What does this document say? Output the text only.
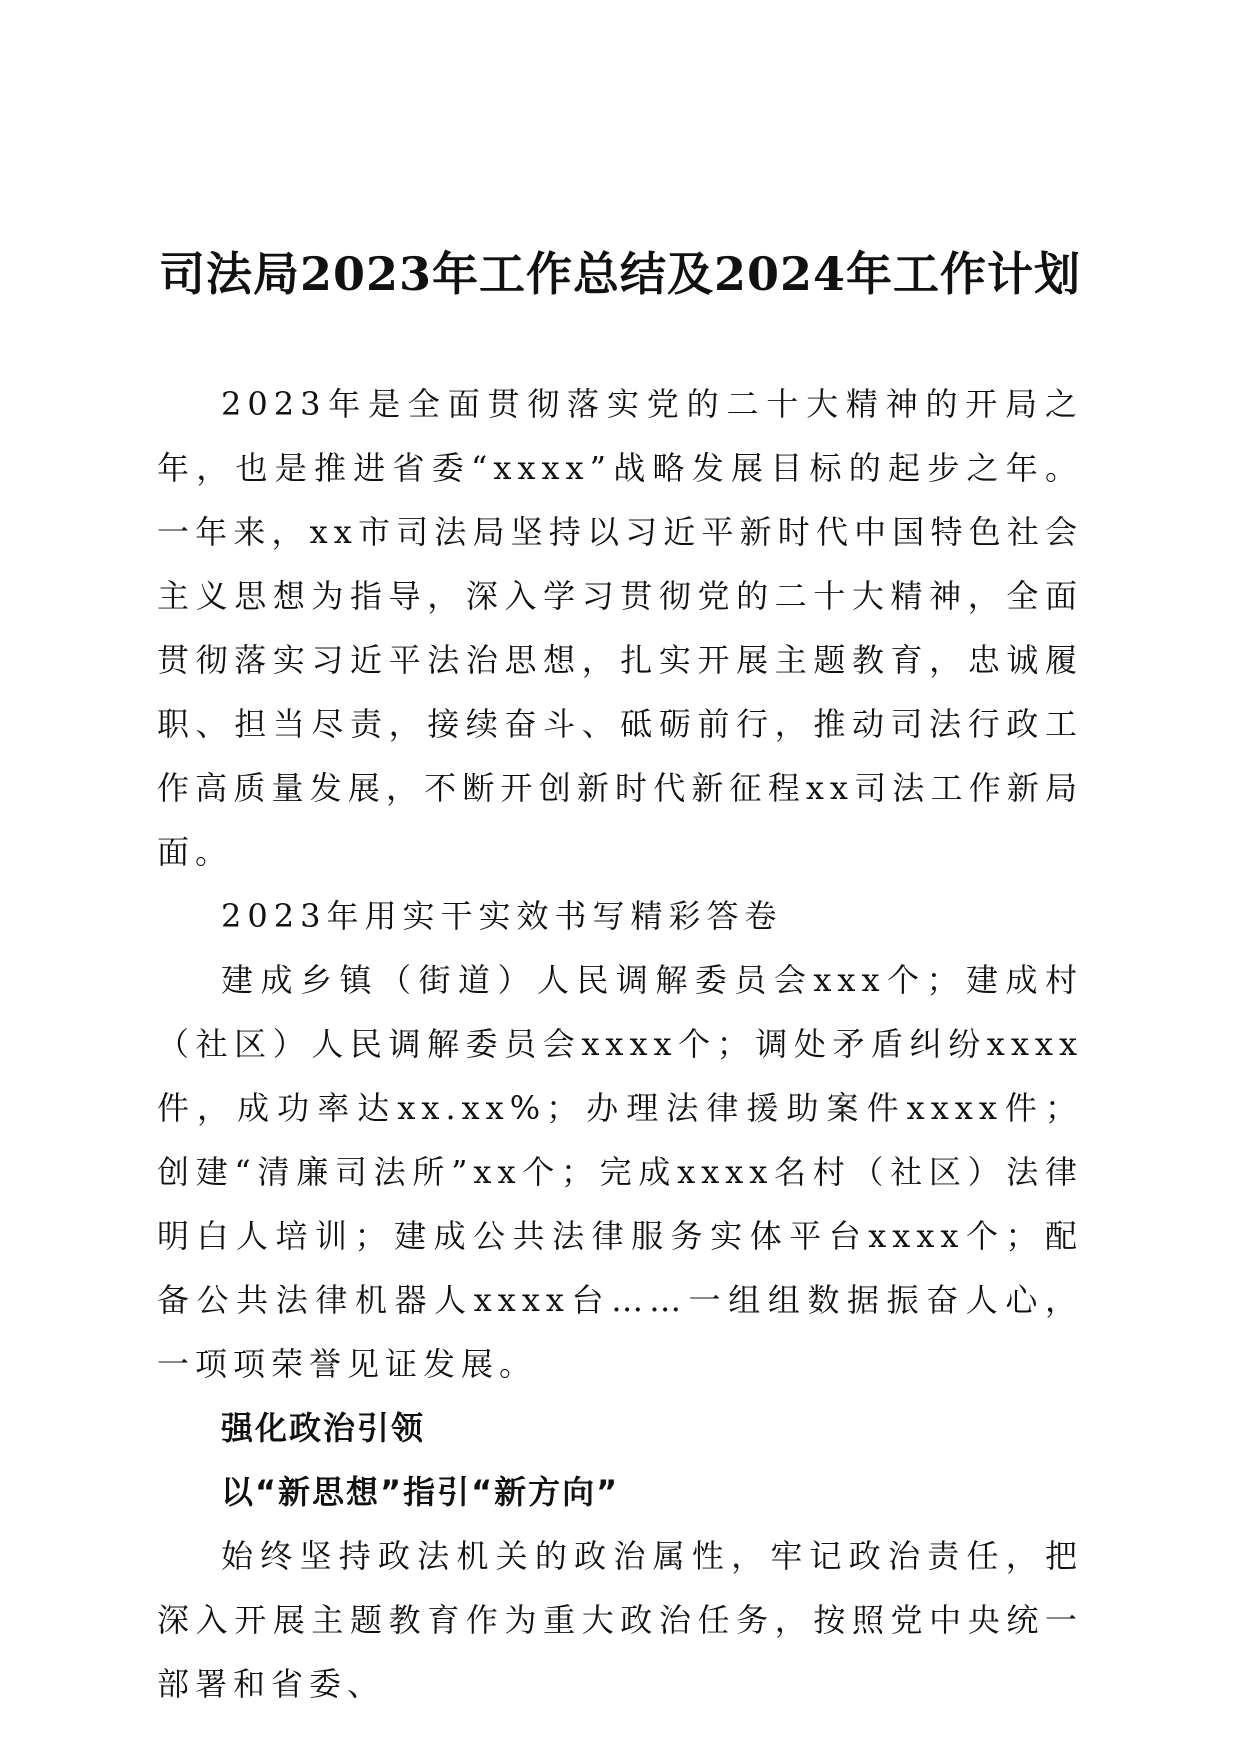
司法局2023年工作总结及2024年工作计划

2023年是全面贯彻落实党的二十大精神的开局之年，也是推进省委“xxxx”战略发展目标的起步之年。一年来，xx市司法局坚持以习近平新时代中国特色社会主义思想为指导，深入学习贯彻党的二十大精神，全面贯彻落实习近平法治思想，扎实开展主题教育，忠诚履职、担当尽责，接续奋斗、砥砺前行，推动司法行政工作高质量发展，不断开创新时代新征程xx司法工作新局面。

2023年用实干实效书写精彩答卷

建成乡镇（街道）人民调解委员会xxx个；建成村（社区）人民调解委员会xxxx个；调处矛盾纠纷xxxx件，成功率达xx.xx%；办理法律援助案件xxxx件；创建“清廉司法所”xx个；完成xxxx名村（社区）法律明白人培训；建成公共法律服务实体平台xxxx个；配备公共法律机器人xxxx台……一组组数据振奋人心，一项项荣誉见证发展。

强化政治引领

以“新思想”指引“新方向”

始终坚持政法机关的政治属性，牢记政治责任，把深入开展主题教育作为重大政治任务，按照党中央统一部署和省委、
